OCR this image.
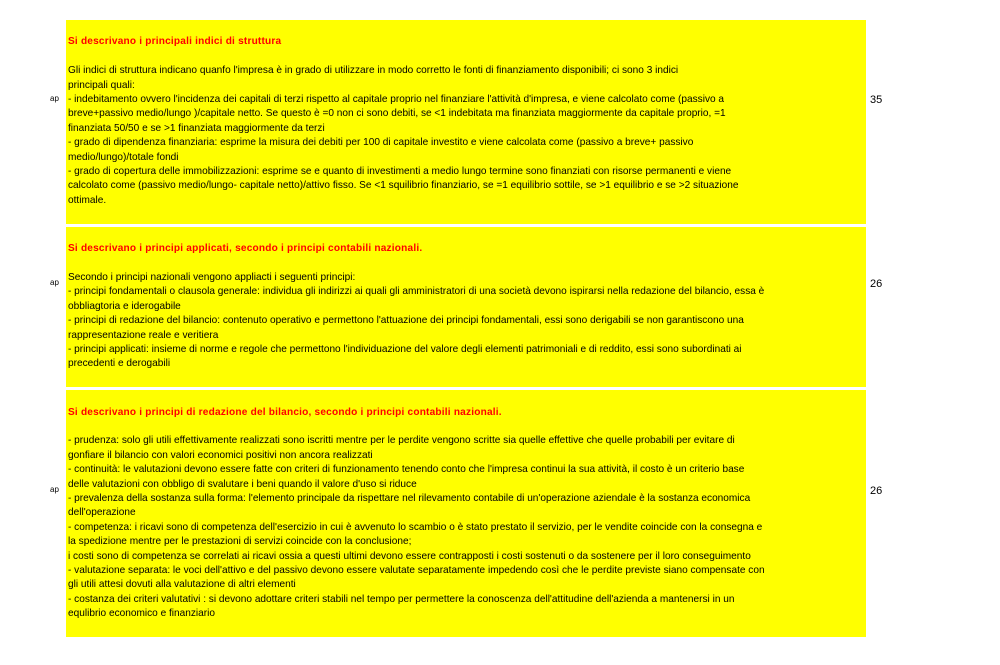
ap

Si descrivano i principali indici di struttura

Gli indici di struttura indicano quanfo l'impresa è in grado di utilizzare in modo corretto le fonti di finanziamento disponibili; ci sono 3 indici
principali quali:
- indebitamento ovvero l'incidenza dei capitali di terzi rispetto al capitale proprio nel finanziare l'attività d'impresa, e viene calcolato come (passivo a
breve+passivo medio/lungo )/capitale netto. Se questo è =0 non ci sono debiti, se <1 indebitata ma finanziata maggiormente da capitale proprio, =1
finanziata 50/50 e se >1 finanziata maggiormente da terzi
- grado di dipendenza finanziaria: esprime la misura dei debiti per 100 di capitale investito e viene calcolata come (passivo a breve+ passivo
medio/lungo)/totale fondi
- grado di copertura delle immobilizzazioni: esprime se e quanto di investimenti a medio lungo termine sono finanziati con risorse permanenti e viene
calcolato come (passivo medio/lungo- capitale netto)/attivo fisso. Se <1 squilibrio finanziario, se =1 equilibrio sottile, se >1 equilibrio e se >2 situazione
ottimale.

35
ap

Si descrivano i principi applicati, secondo i principi contabili nazionali.

Secondo i principi nazionali vengono appliacti i seguenti principi:
- principi fondamentali o clausola generale: individua gli indirizzi ai quali gli amministratori di una società devono ispirarsi nella redazione del bilancio, essa è
obbliagtoria e iderogabile
- principi di redazione del bilancio: contenuto operativo e permettono l'attuazione dei principi fondamentali, essi sono derigabili se non garantiscono una
rappresentazione reale e veritiera
- principi applicati: insieme di norme e regole che permettono l'individuazione del valore degli elementi patrimoniali e di reddito, essi sono subordinati ai
precedenti e derogabili

26
ap

Si descrivano i principi di redazione del bilancio, secondo i principi contabili nazionali.

- prudenza: solo gli utili effettivamente realizzati sono iscritti mentre per le perdite vengono scritte sia quelle effettive che quelle probabili per evitare di
gonfiare il bilancio con valori economici positivi non ancora realizzati
- continuità: le valutazioni devono essere fatte con criteri di funzionamento tenendo conto che l'impresa continui la sua attività, il costo è un criterio base
delle valutazioni con obbligo di svalutare i beni quando il valore d'uso si riduce
- prevalenza della sostanza sulla forma: l'elemento principale da rispettare nel rilevamento contabile di un'operazione aziendale è la sostanza economica
dell'operazione
- competenza: i ricavi sono di competenza dell'esercizio in cui è avvenuto lo scambio o è stato prestato il servizio, per le vendite coincide con la consegna e
la spedizione mentre per le prestazioni di servizi coincide con la conclusione;
i costi sono di competenza se correlati ai ricavi ossia a questi ultimi devono essere contrapposti i costi sostenuti o da sostenere per il loro conseguimento
- valutazione separata: le voci dell'attivo e del passivo devono essere valutate separatamente impedendo così che le perdite previste siano compensate con
gli utili attesi dovuti alla valutazione di altri elementi
- costanza dei criteri valutativi : si devono adottare criteri stabili nel tempo per permettere la conoscenza dell'attitudine dell'azienda a mantenersi in un
equlibrio economico e finanziario

26
